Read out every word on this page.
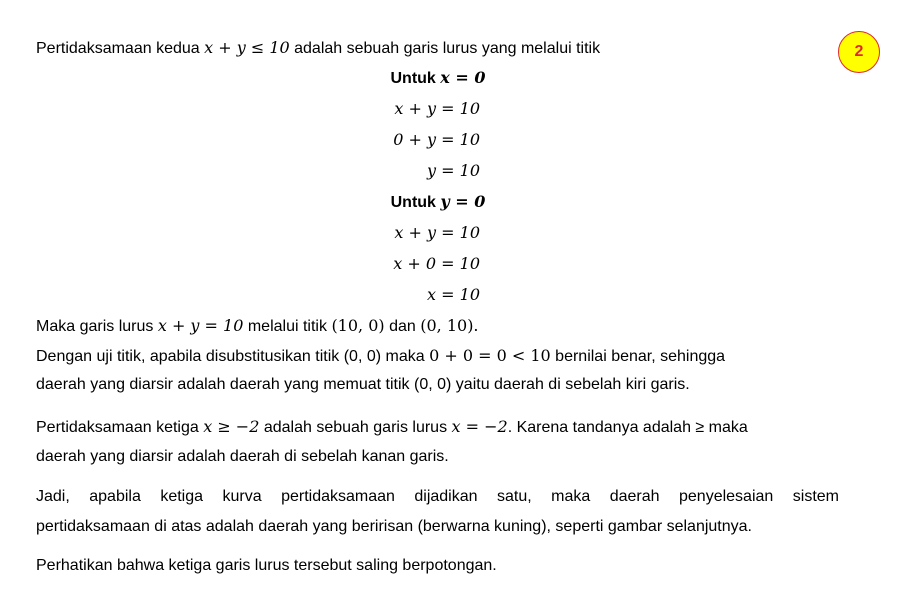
2
Pertidaksamaan kedua x + y ≤ 10 adalah sebuah garis lurus yang melalui titik
Untuk x = 0
x + y = 10
0 + y = 10
y = 10
Untuk y = 0
x + y = 10
x + 0 = 10
x = 10
Maka garis lurus x + y = 10 melalui titik (10, 0) dan (0, 10).
Dengan uji titik, apabila disubstitusikan titik (0, 0) maka 0 + 0 = 0 < 10 bernilai benar, sehingga
daerah yang diarsir adalah daerah yang memuat titik (0, 0) yaitu daerah di sebelah kiri garis.
Pertidaksamaan ketiga x ≥ −2 adalah sebuah garis lurus x = −2. Karena tandanya adalah ≥ maka
daerah yang diarsir adalah daerah di sebelah kanan garis.
Jadi, apabila ketiga kurva pertidaksamaan dijadikan satu, maka daerah penyelesaian sistem
pertidaksamaan di atas adalah daerah yang beririsan (berwarna kuning), seperti gambar selanjutnya.
Perhatikan bahwa ketiga garis lurus tersebut saling berpotongan.
